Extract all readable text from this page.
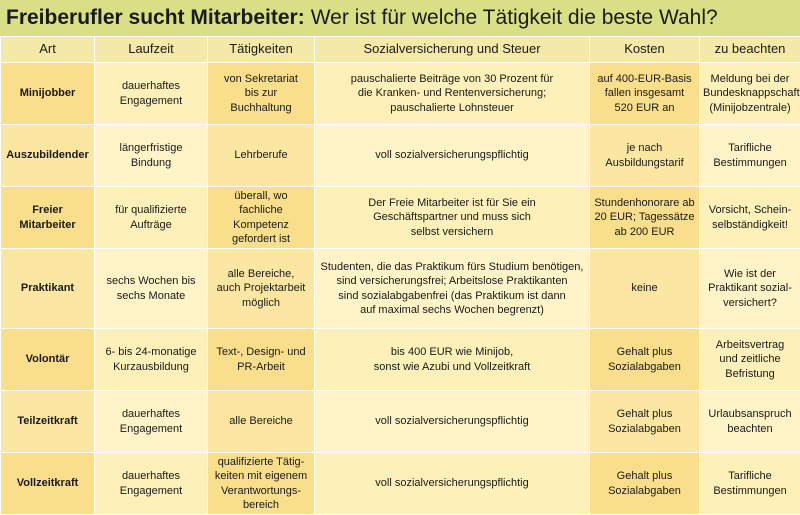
Freiberufler sucht Mitarbeiter: Wer ist für welche Tätigkeit die beste Wahl?
Art	Laufzeit	Tätigkeiten	Sozialversicherung und Steuer	Kosten	zu beachten
Minijobber	dauerhaftes
Engagement	von Sekretariat
bis zur
Buchhaltung	pauschalierte Beiträge von 30 Prozent für
die Kranken- und Rentenversicherung;
pauschalierte Lohnsteuer	auf 400-EUR-Basis
fallen insgesamt
520 EUR an	Meldung bei der
Bundesknappschaft
(Minijobzentrale)
Auszubildender	längerfristige
Bindung	Lehrberufe	voll sozialversicherungspflichtig	je nach
Ausbildungstarif	Tarifliche
Bestimmungen
Freier Mitarbeiter	für qualifizierte
Aufträge	überall, wo
fachliche Kompetenz
gefordert ist	Der Freie Mitarbeiter ist für Sie ein
Geschäftspartner und muss sich
selbst versichern	Stundenhonorare ab
20 EUR; Tagessätze
ab 200 EUR	Vorsicht, Schein-
selbständigkeit!
Praktikant	sechs Wochen bis
sechs Monate	alle Bereiche,
auch Projektarbeit
möglich	Studenten, die das Praktikum fürs Studium benötigen,
sind versicherungsfrei; Arbeitslose Praktikanten
sind sozialabgabenfrei (das Praktikum ist dann
auf maximal sechs Wochen begrenzt)	keine	Wie ist der
Praktikant sozial-
versichert?
Volontär	6- bis 24-monatige
Kurzausbildung	Text-, Design- und
PR-Arbeit	bis 400 EUR wie Minijob,
sonst wie Azubi und Vollzeitkraft	Gehalt plus
Sozialabgaben	Arbeitsvertrag
und zeitliche
Befristung
Teilzeitkraft	dauerhaftes
Engagement	alle Bereiche	voll sozialversicherungspflichtig	Gehalt plus
Sozialabgaben	Urlaubsanspruch
beachten
Vollzeitkraft	dauerhaftes
Engagement	qualifizierte Tätig-
keiten mit eigenem
Verantwortungs-
bereich	voll sozialversicherungspflichtig	Gehalt plus
Sozialabgaben	Tarifliche
Bestimmungen
